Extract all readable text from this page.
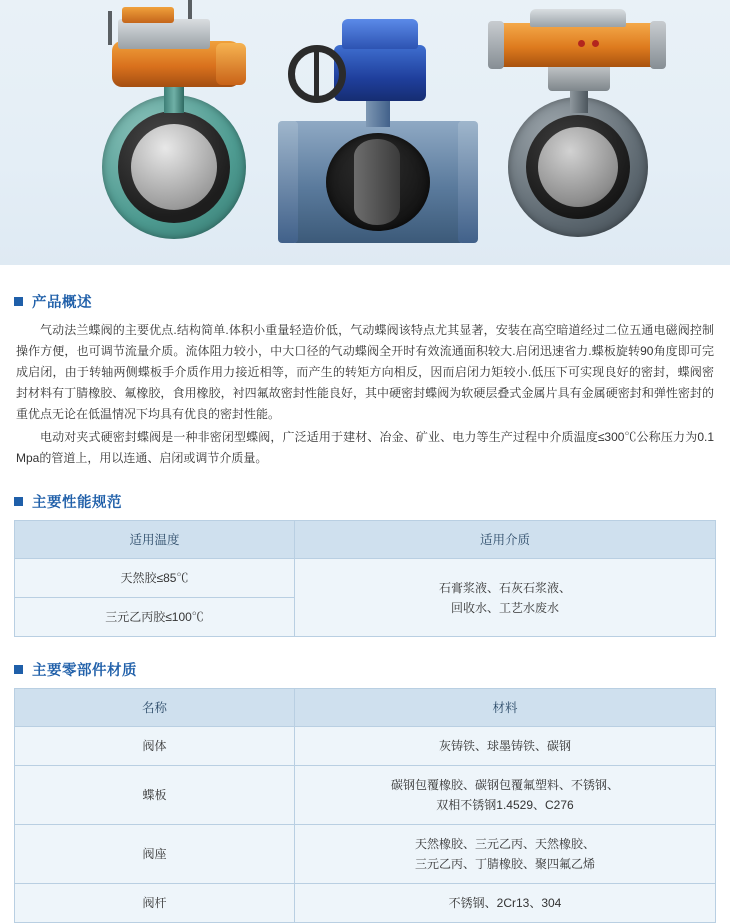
产品概述

气动法兰蝶阀的主要优点.结构简单.体积小重量轻造价低，气动蝶阀该特点尤其显著，安装在高空暗道经过二位五通电磁阀控制操作方便，也可调节流量介质。流体阻力较小，中大口径的气动蝶阀全开时有效流通面积较大.启闭迅速省力.蝶板旋转90角度即可完成启闭，由于转轴两侧蝶板手介质作用力接近相等，而产生的转矩方向相反，因而启闭力矩较小.低压下可实现良好的密封，蝶阀密封材料有丁腈橡胶、氟橡胶，食用橡胶，衬四氟故密封性能良好，其中硬密封蝶阀为软硬层叠式金属片具有金属硬密封和弹性密封的重优点无论在低温情况下均具有优良的密封性能。

电动对夹式硬密封蝶阀是一种非密闭型蝶阀，广泛适用于建材、冶金、矿业、电力等生产过程中介质温度≤300℃公称压力为0.1 Mpa的管道上，用以连通、启闭或调节介质量。

主要性能规范
适用温度	适用介质
天然胶≤85℃	石膏浆液、石灰石浆液、
回收水、工艺水废水

三元乙丙胶≤100℃	
主要零部件材质
名称	材料
阀体	灰铸铁、球墨铸铁、碳钢

蝶板	碳钢包覆橡胶、碳钢包覆氟塑料、不锈钢、
双相不锈钢1.4529、C276

阀座	天然橡胶、三元乙丙、天然橡胶、
三元乙丙、丁腈橡胶、聚四氟乙烯

阀杆	不锈钢、2Cr13、304
